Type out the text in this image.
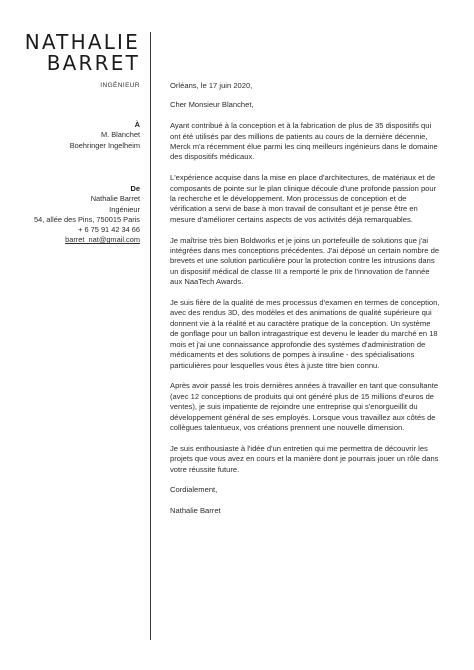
NATHALIE
BARRET
INGÉNIEUR
À
M. Blanchet
Boehringer Ingelheim
De
Nathalie Barret
Ingénieur
54, allée des Pins, 750015 Paris
+ 6 75 91 42 34 66
barret_nat@gmail.com

Orléans, le 17 juin 2020,

Cher Monsieur Blanchet,

Ayant contribué à la conception et à la fabrication de plus de 35 dispositifs qui ont été utilisés par des millions de patients au cours de la dernière décennie, Merck m'a récemment élue parmi les cinq meilleurs ingénieurs dans le domaine des dispositifs médicaux.

L'expérience acquise dans la mise en place d'architectures, de matériaux et de composants de pointe sur le plan clinique découle d'une profonde passion pour la recherche et le développement. Mon processus de conception et de vérification a servi de base à mon travail de consultant et je pense être en mesure d'améliorer certains aspects de vos activités déjà remarquables.

Je maîtrise très bien Boldworks et je joins un portefeuille de solutions que j'ai intégrées dans mes conceptions précédentes. J'ai déposé un certain nombre de brevets et une solution particulière pour la protection contre les intrusions dans un dispositif médical de classe III a remporté le prix de l'innovation de l'année aux NaaTech Awards.

Je suis fière de la qualité de mes processus d'examen en termes de conception, avec des rendus 3D, des modèles et des animations de qualité supérieure qui donnent vie à la réalité et au caractère pratique de la conception. Un système de gonflage pour un ballon intragastrique est devenu le leader du marché en 18 mois et j'ai une connaissance approfondie des systèmes d'administration de médicaments et des solutions de pompes à insuline - des spécialisations particulières pour lesquelles vous êtes à juste titre bien connu.

Après avoir passé les trois dernières années à travailler en tant que consultante (avec 12 conceptions de produits qui ont généré plus de 15 millions d'euros de ventes), je suis impatiente de rejoindre une entreprise qui s'enorgueillit du développement général de ses employés. Lorsque vous travaillez aux côtés de collègues talentueux, vos créations prennent une nouvelle dimension.

Je suis enthousiaste à l'idée d'un entretien qui me permettra de découvrir les projets que vous avez en cours et la manière dont je pourrais jouer un rôle dans votre réussite future.

Cordialement,

Nathalie Barret
